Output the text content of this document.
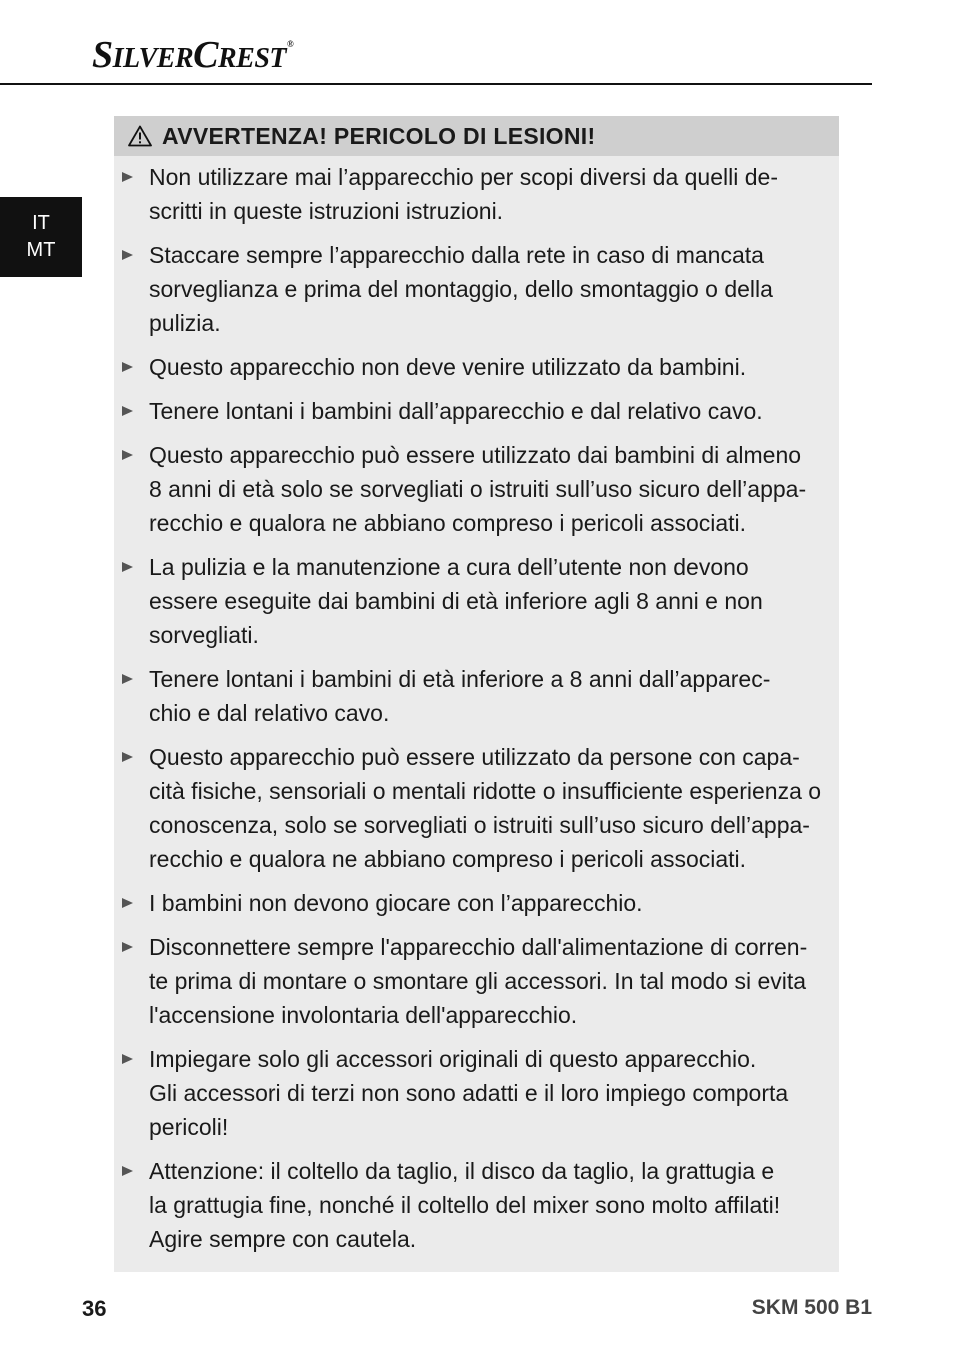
SILVERCREST®
IT
MT
AVVERTENZA! PERICOLO DI LESIONI!
Non utilizzare mai l’apparecchio per scopi diversi da quelli de-
scritti in queste istruzioni istruzioni.
Staccare sempre l’apparecchio dalla rete in caso di mancata
sorveglianza e prima del montaggio, dello smontaggio o della
pulizia.
Questo apparecchio non deve venire utilizzato da bambini.
Tenere lontani i bambini dall’apparecchio e dal relativo cavo.
Questo apparecchio può essere utilizzato dai bambini di almeno
8 anni di età solo se sorvegliati o istruiti sull’uso sicuro dell’appa-
recchio e qualora ne abbiano compreso i pericoli associati.
La pulizia e la manutenzione a cura dell’utente non devono
essere eseguite dai bambini di età inferiore agli 8 anni e non
sorvegliati.
Tenere lontani i bambini di età inferiore a 8 anni dall’apparec-
chio e dal relativo cavo.
Questo apparecchio può essere utilizzato da persone con capa-
cità fisiche, sensoriali o mentali ridotte o insufficiente esperienza o
conoscenza, solo se sorvegliati o istruiti sull’uso sicuro dell’appa-
recchio e qualora ne abbiano compreso i pericoli associati.
I bambini non devono giocare con l’apparecchio.
Disconnettere sempre l'apparecchio dall'alimentazione di corren-
te prima di montare o smontare gli accessori. In tal modo si evita
l'accensione involontaria dell'apparecchio.
Impiegare solo gli accessori originali di questo apparecchio.
Gli accessori di terzi non sono adatti e il loro impiego comporta
pericoli!
Attenzione: il coltello da taglio, il disco da taglio, la grattugia e
la grattugia fine, nonché il coltello del mixer sono molto affilati!
Agire sempre con cautela.
36	SKM 500 B1
